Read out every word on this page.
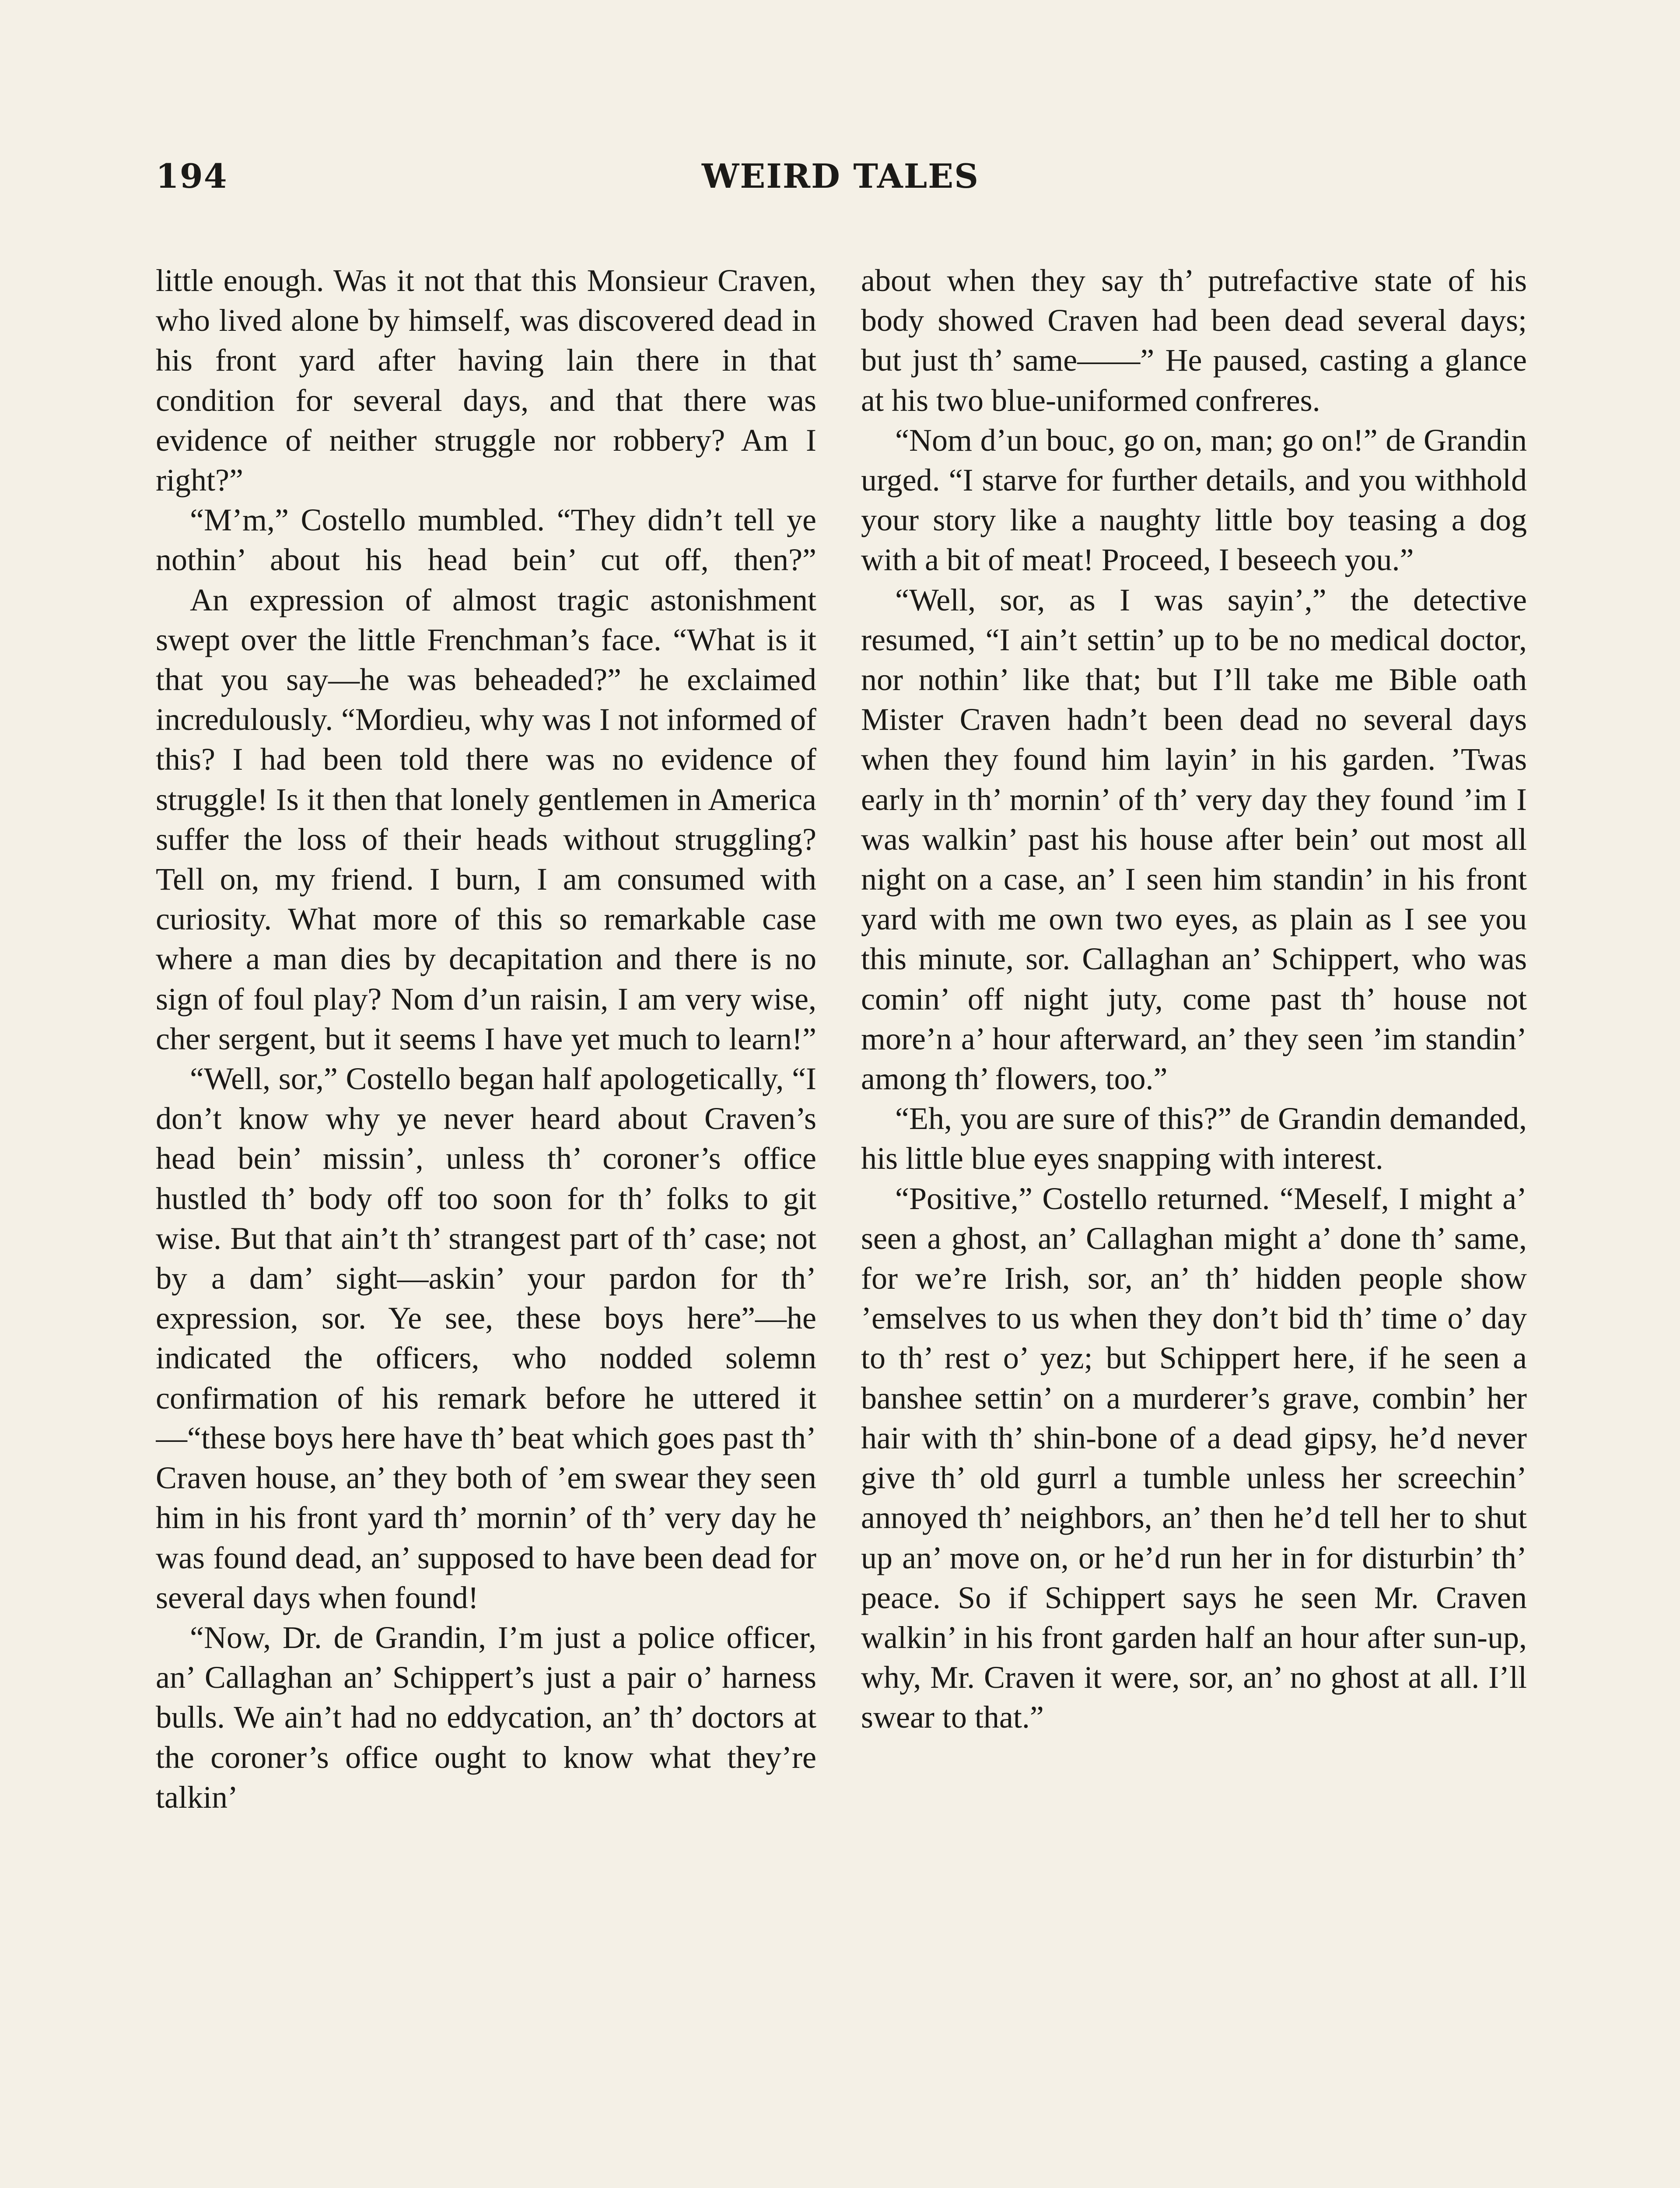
194	WEIRD TALES

little enough. Was it not that this Monsieur Craven, who lived alone by himself, was discovered dead in his front yard after having lain there in that condition for several days, and that there was evidence of neither struggle nor robbery? Am I right?”

“M’m,” Costello mumbled. “They didn’t tell ye nothin’ about his head bein’ cut off, then?”

An expression of almost tragic astonishment swept over the little Frenchman’s face. “What is it that you say—he was beheaded?” he exclaimed incredulously. “Mordieu, why was I not informed of this? I had been told there was no evidence of struggle! Is it then that lonely gentlemen in America suffer the loss of their heads without struggling? Tell on, my friend. I burn, I am consumed with curiosity. What more of this so remarkable case where a man dies by decapitation and there is no sign of foul play? Nom d’un raisin, I am very wise, cher sergent, but it seems I have yet much to learn!”

“Well, sor,” Costello began half apologetically, “I don’t know why ye never heard about Craven’s head bein’ missin’, unless th’ coroner’s office hustled th’ body off too soon for th’ folks to git wise. But that ain’t th’ strangest part of th’ case; not by a dam’ sight—askin’ your pardon for th’ expression, sor. Ye see, these boys here”—he indicated the officers, who nodded solemn confirmation of his remark before he uttered it—“these boys here have th’ beat which goes past th’ Craven house, an’ they both of ’em swear they seen him in his front yard th’ mornin’ of th’ very day he was found dead, an’ supposed to have been dead for several days when found!

“Now, Dr. de Grandin, I’m just a police officer, an’ Callaghan an’ Schippert’s just a pair o’ harness bulls. We ain’t had no eddycation, an’ th’ doctors at the coroner’s office ought to know what they’re talkin’

about when they say th’ putrefactive state of his body showed Craven had been dead several days; but just th’ same——” He paused, casting a glance at his two blue-uniformed confreres.

“Nom d’un bouc, go on, man; go on!” de Grandin urged. “I starve for further details, and you withhold your story like a naughty little boy teasing a dog with a bit of meat! Proceed, I beseech you.”

“Well, sor, as I was sayin’,” the detective resumed, “I ain’t settin’ up to be no medical doctor, nor nothin’ like that; but I’ll take me Bible oath Mister Craven hadn’t been dead no several days when they found him layin’ in his garden. ’Twas early in th’ mornin’ of th’ very day they found ’im I was walkin’ past his house after bein’ out most all night on a case, an’ I seen him standin’ in his front yard with me own two eyes, as plain as I see you this minute, sor. Callaghan an’ Schippert, who was comin’ off night juty, come past th’ house not more’n a’ hour afterward, an’ they seen ’im standin’ among th’ flowers, too.”

“Eh, you are sure of this?” de Grandin demanded, his little blue eyes snapping with interest.

“Positive,” Costello returned. “Meself, I might a’ seen a ghost, an’ Callaghan might a’ done th’ same, for we’re Irish, sor, an’ th’ hidden people show ’emselves to us when they don’t bid th’ time o’ day to th’ rest o’ yez; but Schippert here, if he seen a banshee settin’ on a murderer’s grave, combin’ her hair with th’ shin-bone of a dead gipsy, he’d never give th’ old gurrl a tumble unless her screechin’ annoyed th’ neighbors, an’ then he’d tell her to shut up an’ move on, or he’d run her in for disturbin’ th’ peace. So if Schippert says he seen Mr. Craven walkin’ in his front garden half an hour after sun-up, why, Mr. Craven it were, sor, an’ no ghost at all. I’ll swear to that.”
